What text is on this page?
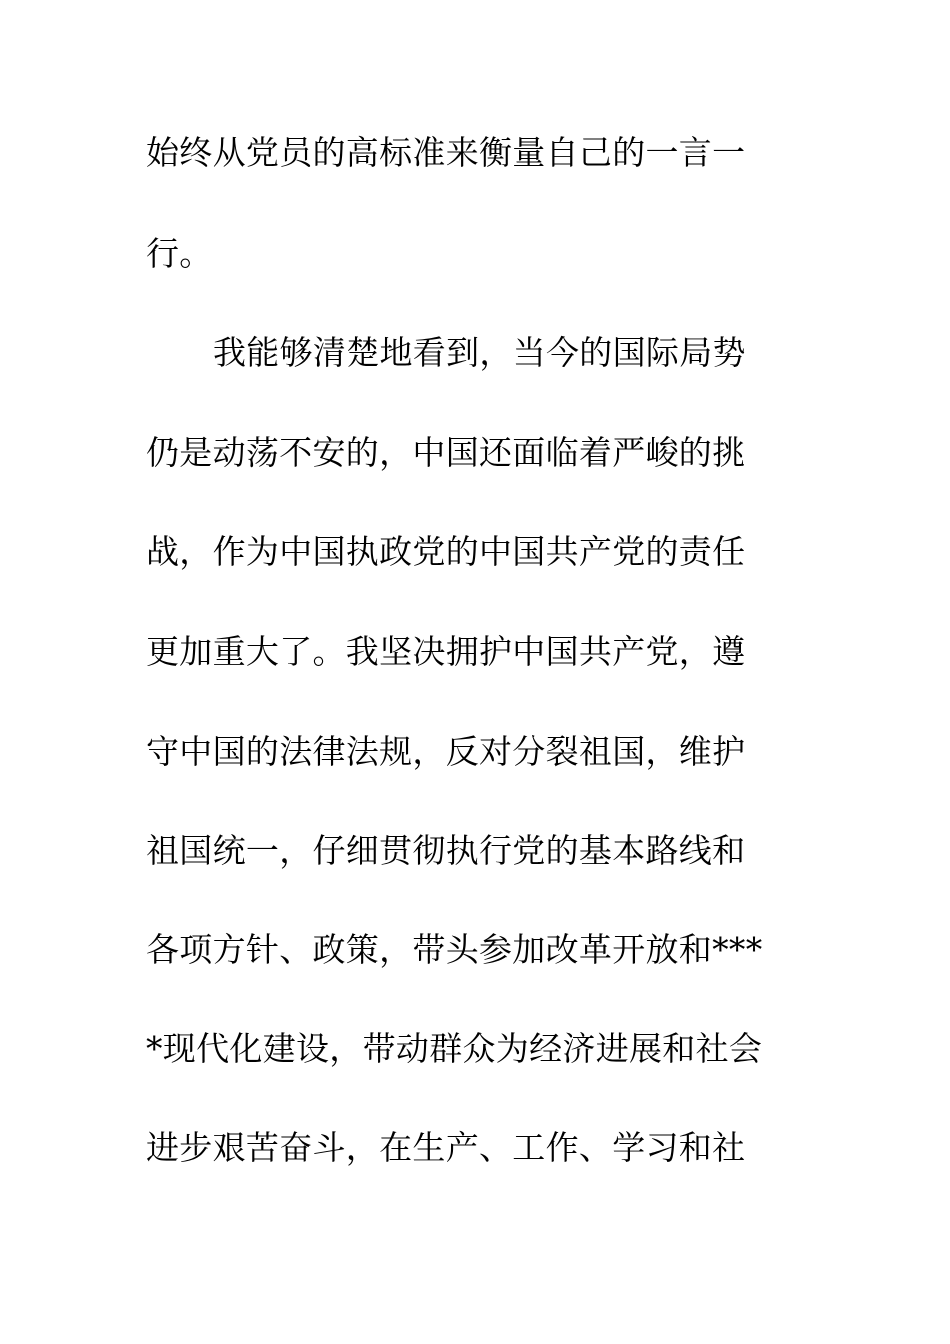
始终从党员的高标准来衡量自己的一言一
行。
我能够清楚地看到，当今的国际局势
仍是动荡不安的，中国还面临着严峻的挑
战，作为中国执政党的中国共产党的责任
更加重大了。我坚决拥护中国共产党，遵
守中国的法律法规，反对分裂祖国，维护
祖国统一，仔细贯彻执行党的基本路线和
各项方针、政策，带头参加改革开放和***
*现代化建设，带动群众为经济进展和社会
进步艰苦奋斗，在生产、工作、学习和社
